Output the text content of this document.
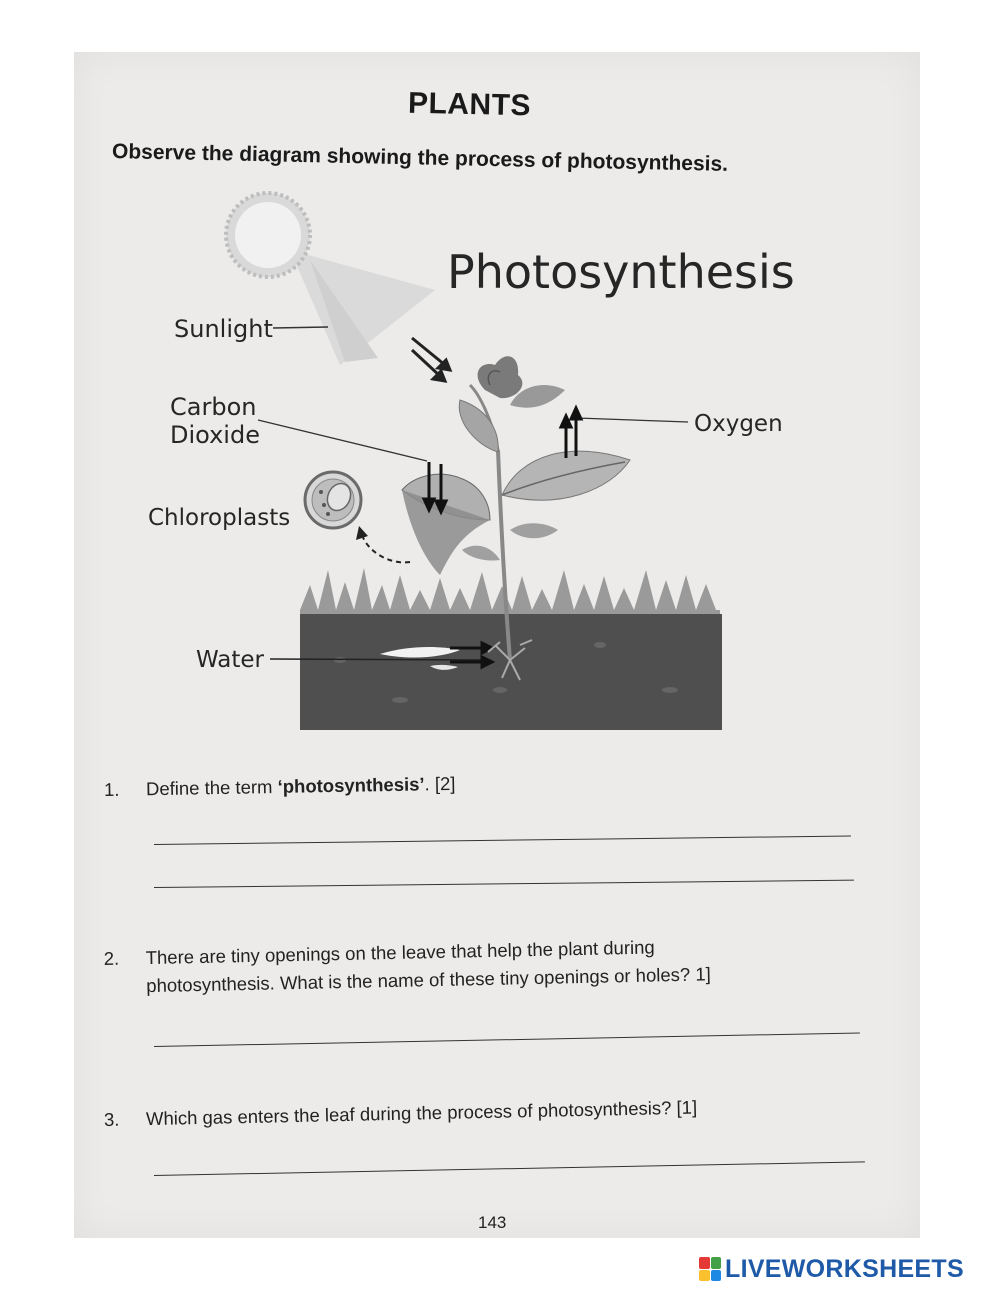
PLANTS
Observe the diagram showing the process of photosynthesis.
Photosynthesis
Sunlight
Carbon
Dioxide	Oxygen
Chloroplasts
Water
1. Define the term ‘photosynthesis’. [2]
2. There are tiny openings on the leave that help the plant during
photosynthesis. What is the name of these tiny openings or holes? 1]
3. Which gas enters the leaf during the process of photosynthesis? [1]
143
LIVEWORKSHEETS
